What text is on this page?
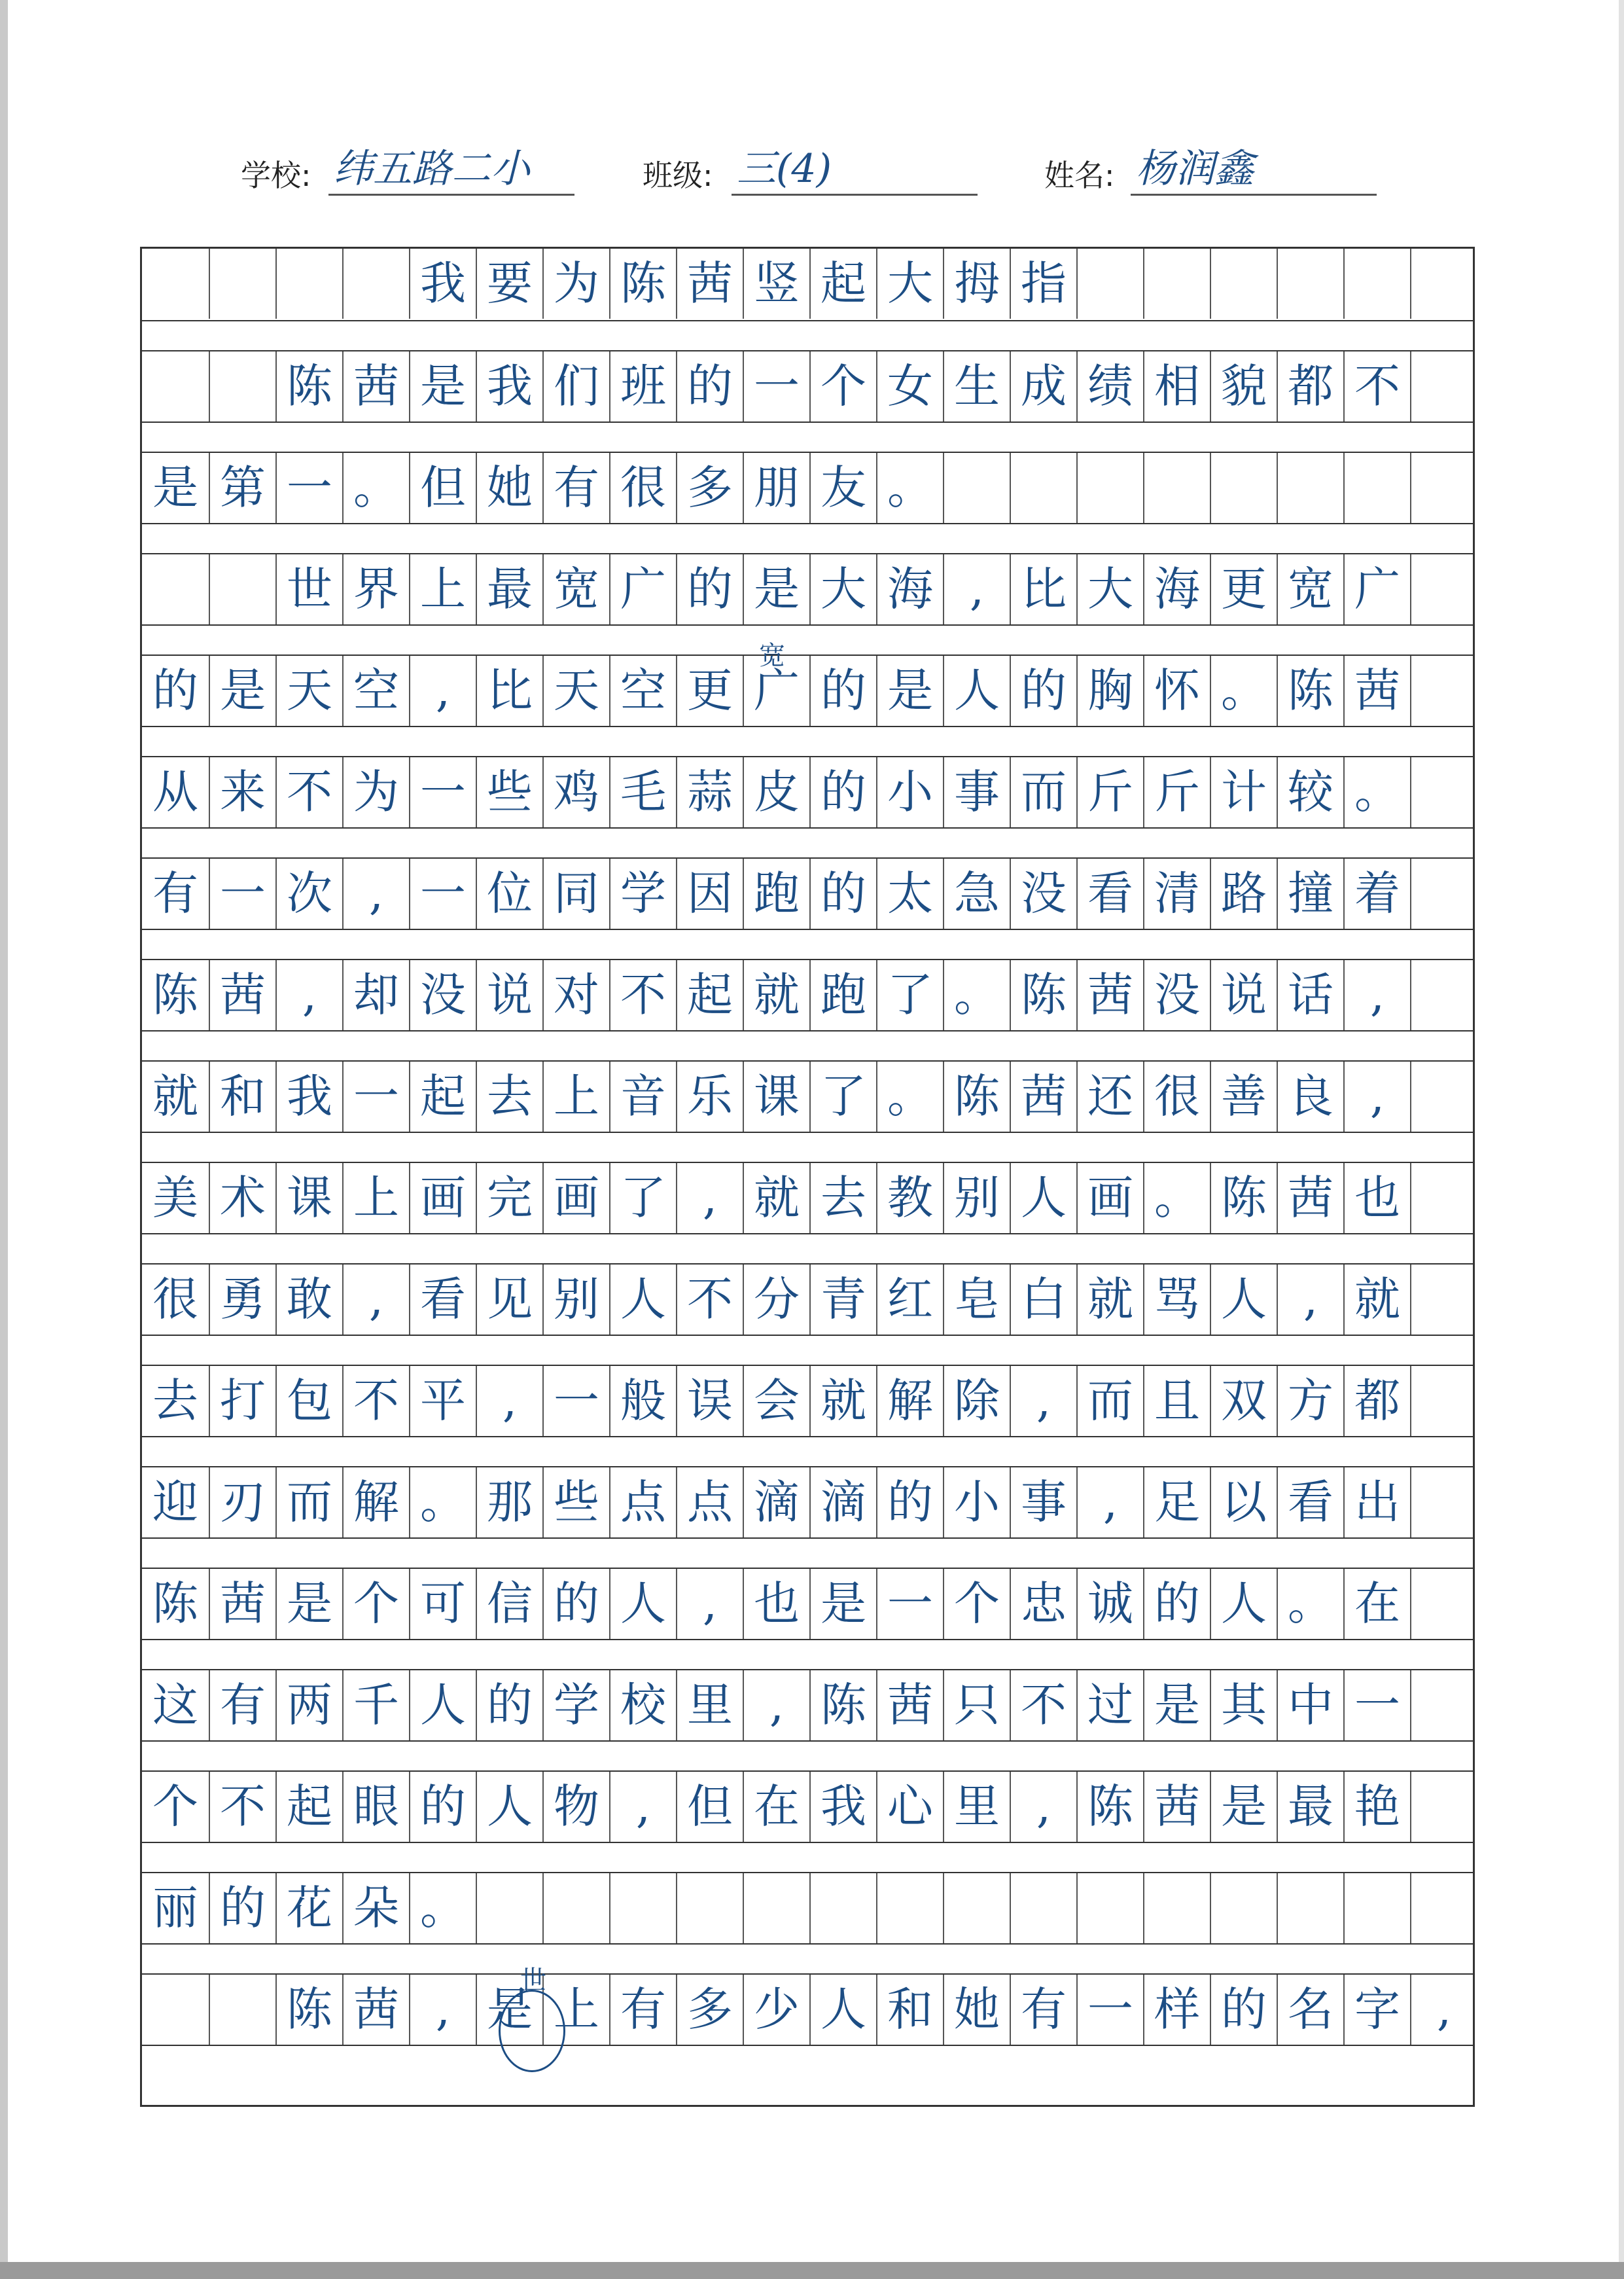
学校: 纬五路二小	班级: 三(4)	姓名: 杨润鑫
我 要 为 陈 茜 竖 起 大 拇 指
陈 茜 是 我 们 班 的 一 个 女 生 成 绩 相 貌 都 不
是 第 一 。 但 她 有 很 多 朋 友 。
世 界 上 最 宽 广 的 是 大 海 , 比 大 海 更 宽 广
的 是 天 空 , 比 天 空 更 广 的 是 人 的 胸 怀 。 陈 茜
从 来 不 为 一 些 鸡 毛 蒜 皮 的 小 事 而 斤 斤 计 较 。
有 一 次 , 一 位 同 学 因 跑 的 太 急 没 看 清 路 撞 着
陈 茜 , 却 没 说 对 不 起 就 跑 了 。 陈 茜 没 说 话 ,
就 和 我 一 起 去 上 音 乐 课 了 。 陈 茜 还 很 善 良 ,
美 术 课 上 画 完 画 了 , 就 去 教 别 人 画 。 陈 茜 也
很 勇 敢 , 看 见 别 人 不 分 青 红 皂 白 就 骂 人 , 就
去 打 包 不 平 , 一 般 误 会 就 解 除 , 而 且 双 方 都
迎 刃 而 解 。 那 些 点 点 滴 滴 的 小 事 , 足 以 看 出
陈 茜 是 个 可 信 的 人 , 也 是 一 个 忠 诚 的 人 。 在
这 有 两 千 人 的 学 校 里 , 陈 茜 只 不 过 是 其 中 一
个 不 起 眼 的 人 物 , 但 在 我 心 里 , 陈 茜 是 最 艳
丽 的 花 朵 。
陈 茜 , 是 上 有 多 少 人 和 她 有 一 样 的 名 字 ,
宽
世
